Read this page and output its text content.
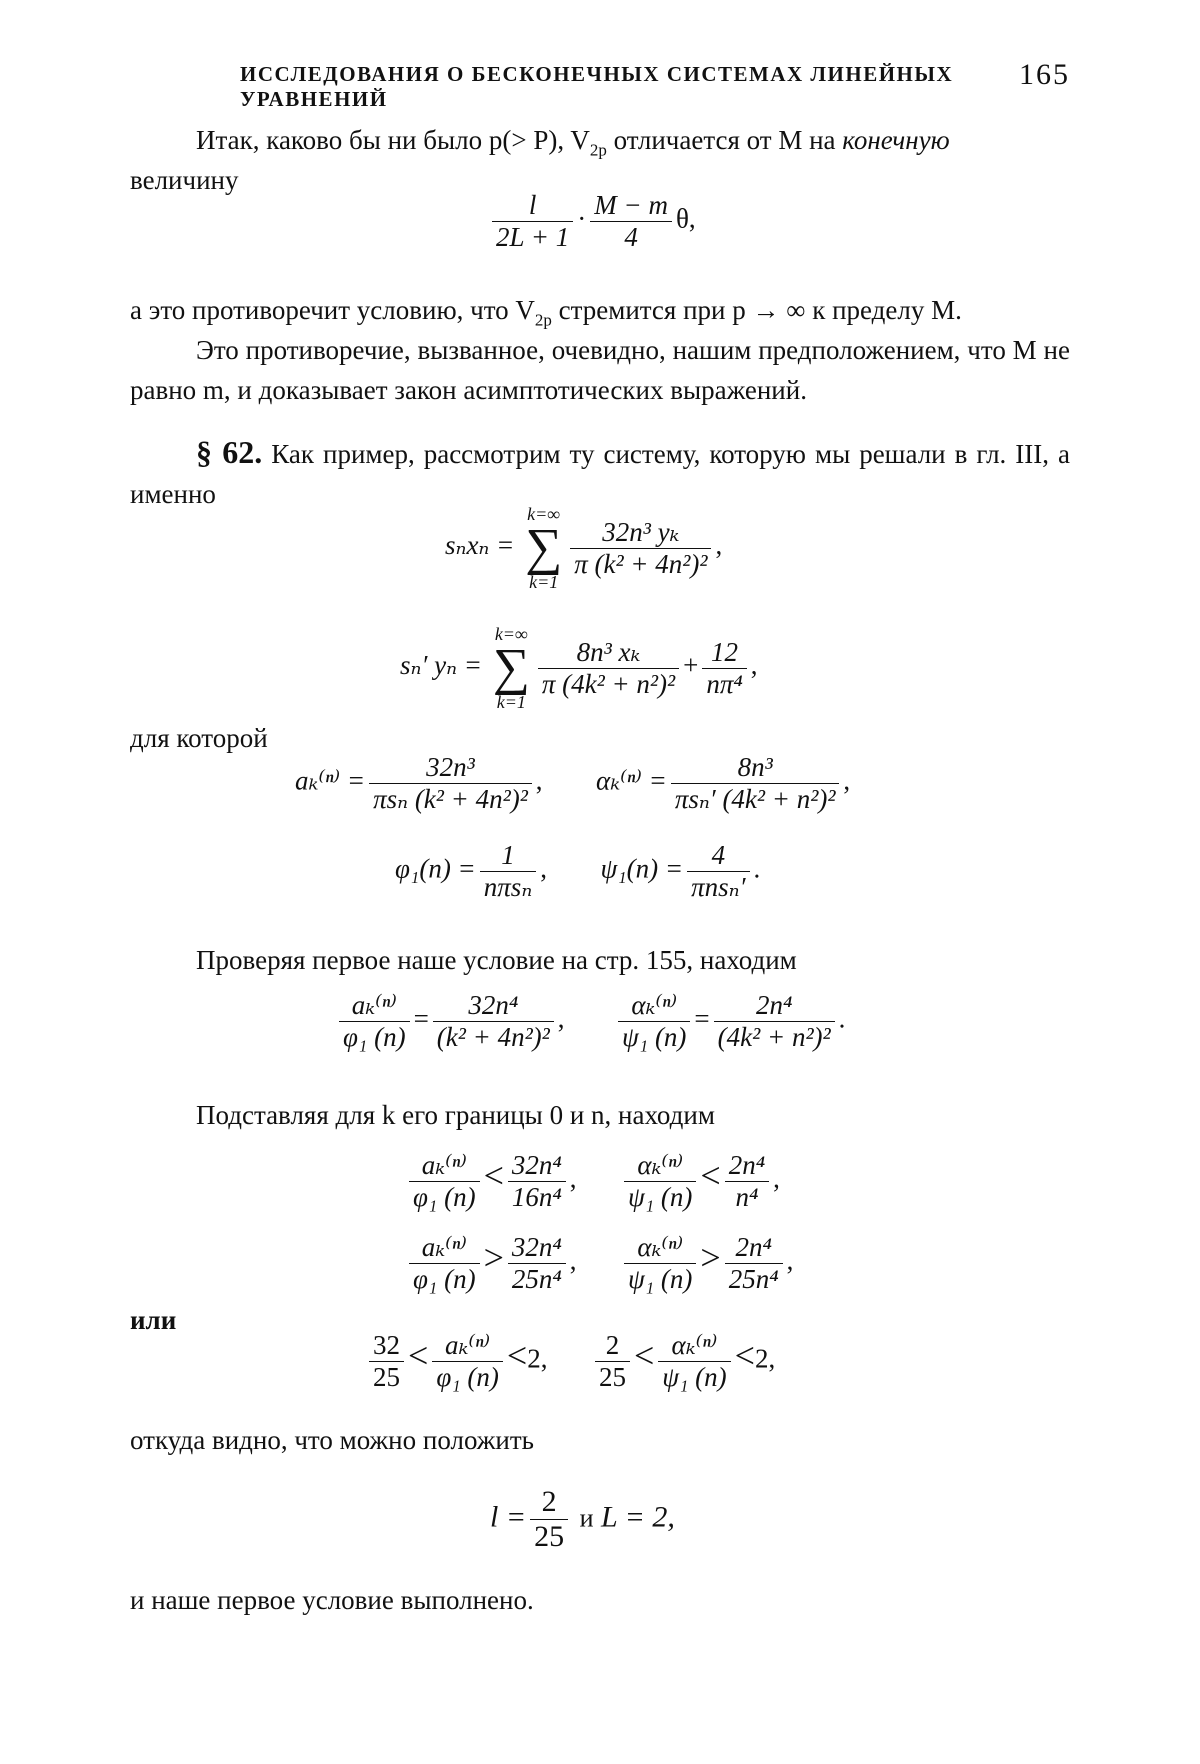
ИССЛЕДОВАНИЯ О БЕСКОНЕЧНЫХ СИСТЕМАХ ЛИНЕЙНЫХ УРАВНЕНИЙ
165
Итак, каково бы ни было p(> P), $V_{2p}$ отличается от M на конечную
величину
$\frac{l}{2L + 1} \cdot \frac{M - m}{4} \theta$,
а это противоречит условию, что $V_{2p}$ стремится при p → ∞ к пределу M.
Это противоречие, вызванное, очевидно, нашим предположением, что M не равно m, и доказывает закон асимптотических выражений.
§ 62. Как пример, рассмотрим ту систему, которую мы решали в гл. III, а именно
sₙxₙ =
k=∞
∑
k=1
$\frac{\text{32n³ yₖ}}{\text{π (k² + 4n²)²}}$ ,
sₙ′ yₙ =
k=∞
∑
k=1
$\frac{\text{8n³ xₖ}}{\text{π (4k² + n²)²}} + \frac{12}{\text{nπ⁴}}$ ,
для которой
$a_k^{(n)} = \frac{\text{32n³}}{\text{πsₙ (k² + 4n²)²}}$ , $\alpha_k^{(n)} = \frac{\text{8n³}}{\text{πsₙ′ (4k² + n²)²}}$ ,
$\varphi_1(n) = \frac{1}{\text{nπsₙ}}$ , $\psi_1(n) = \frac{4}{\text{πnsₙ′}}$ .
Проверяя первое наше условие на стр. 155, находим
$\frac{\text{aₖ⁽ⁿ⁾}}{\text{φ₁ (n)}} = \frac{\text{32n⁴}}{\text{(k² + 4n²)²}}$ , $\frac{\text{αₖ⁽ⁿ⁾}}{\text{ψ₁ (n)}} = \frac{\text{2n⁴}}{\text{(4k² + n²)²}}$ .
Подставляя для k его границы 0 и n, находим
$\frac{\text{aₖ⁽ⁿ⁾}}{\text{φ₁ (n)}} < \frac{\text{32n⁴}}{\text{16n⁴}}$ , $\frac{\text{αₖ⁽ⁿ⁾}}{\text{ψ₁ (n)}} < \frac{\text{2n⁴}}{\text{n⁴}}$ ,
$\frac{\text{aₖ⁽ⁿ⁾}}{\text{φ₁ (n)}} > \frac{\text{32n⁴}}{\text{25n⁴}}$ , $\frac{\text{αₖ⁽ⁿ⁾}}{\text{ψ₁ (n)}} > \frac{\text{2n⁴}}{\text{25n⁴}}$ ,
или
$\frac{32}{25} < \frac{\text{aₖ⁽ⁿ⁾}}{\text{φ₁ (n)}} <2$, $\frac{2}{25} < \frac{\text{αₖ⁽ⁿ⁾}}{\text{ψ₁ (n)}} <2$,
откуда видно, что можно положить
$l = \frac{2}{25}$ и L = 2,
и наше первое условие выполнено.
